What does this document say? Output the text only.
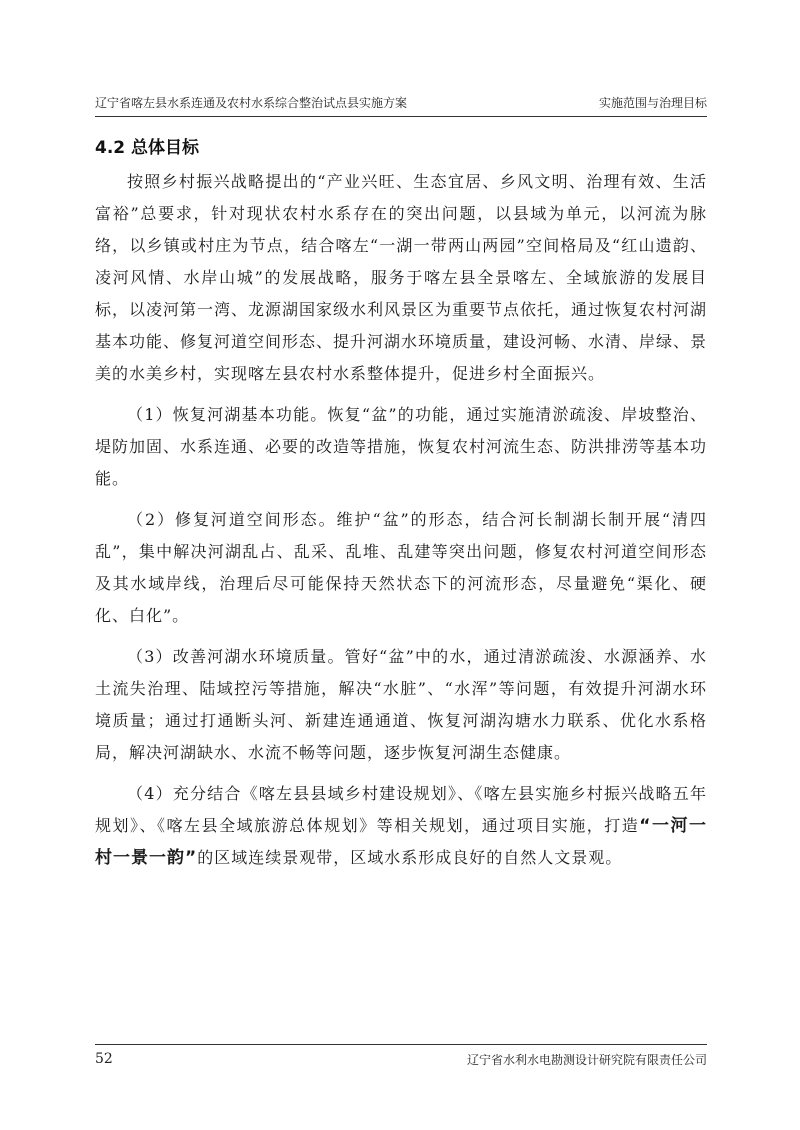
辽宁省喀左县水系连通及农村水系综合整治试点县实施方案	实施范围与治理目标
4.2 总体目标

按照乡村振兴战略提出的“产业兴旺、生态宜居、乡风文明、治理有效、生活富裕”总要求，针对现状农村水系存在的突出问题，以县域为单元，以河流为脉络，以乡镇或村庄为节点，结合喀左“一湖一带两山两园”空间格局及“红山遗韵、凌河风情、水岸山城”的发展战略，服务于喀左县全景喀左、全域旅游的发展目标，以凌河第一湾、龙源湖国家级水利风景区为重要节点依托，通过恢复农村河湖基本功能、修复河道空间形态、提升河湖水环境质量，建设河畅、水清、岸绿、景美的水美乡村，实现喀左县农村水系整体提升，促进乡村全面振兴。

（1）恢复河湖基本功能。恢复“盆”的功能，通过实施清淤疏浚、岸坡整治、堤防加固、水系连通、必要的改造等措施，恢复农村河流生态、防洪排涝等基本功能。

（2）修复河道空间形态。维护“盆”的形态，结合河长制湖长制开展“清四乱”，集中解决河湖乱占、乱采、乱堆、乱建等突出问题，修复农村河道空间形态及其水域岸线，治理后尽可能保持天然状态下的河流形态，尽量避免“渠化、硬化、白化”。

（3）改善河湖水环境质量。管好“盆”中的水，通过清淤疏浚、水源涵养、水土流失治理、陆域控污等措施，解决“水脏”、“水浑”等问题，有效提升河湖水环境质量；通过打通断头河、新建连通通道、恢复河湖沟塘水力联系、优化水系格局，解决河湖缺水、水流不畅等问题，逐步恢复河湖生态健康。

（4）充分结合《喀左县县域乡村建设规划》、《喀左县实施乡村振兴战略五年规划》、《喀左县全域旅游总体规划》等相关规划，通过项目实施，打造“一河一村一景一韵”的区域连续景观带，区域水系形成良好的自然人文景观。

52	辽宁省水利水电勘测设计研究院有限责任公司
